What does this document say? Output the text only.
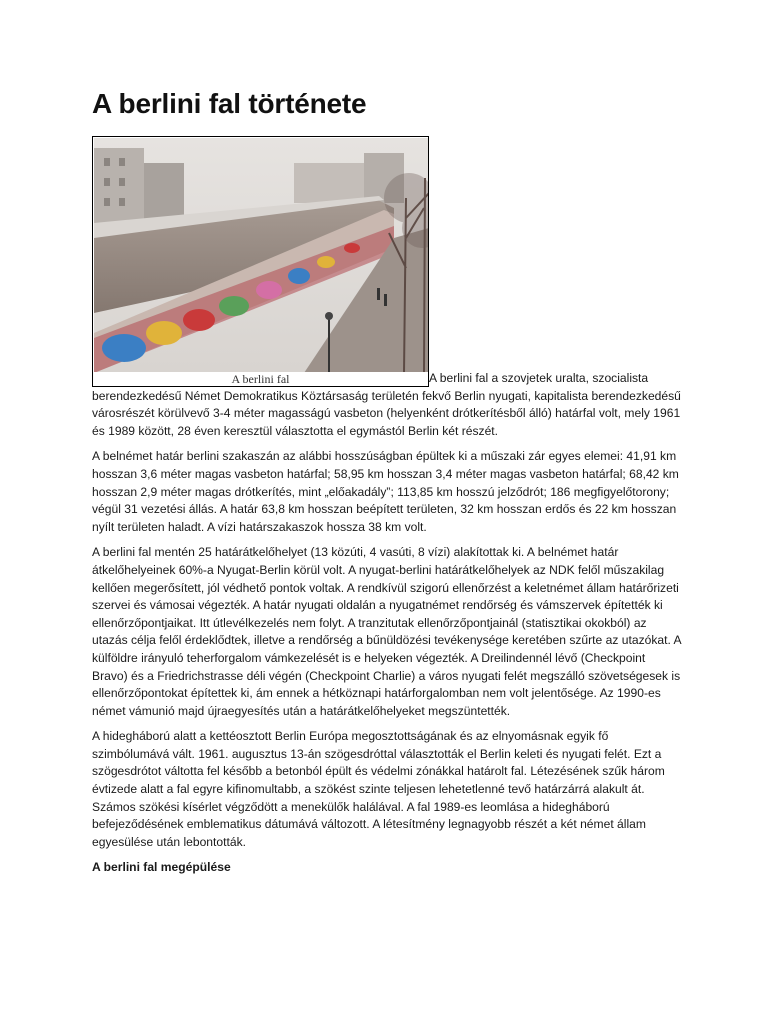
A berlini fal története
A berlini fal	A berlini fal a szovjetek uralta, szocialista berendezkedésű Német Demokratikus Köztársaság területén fekvő Berlin nyugati, kapitalista berendezkedésű városrészét körülvevő 3-4 méter magasságú vasbeton (helyenként drótkerítésből álló) határfal volt, mely 1961 és 1989 között, 28 éven keresztül választotta el egymástól Berlin két részét.

A belnémet határ berlini szakaszán az alábbi hosszúságban épültek ki a műszaki zár egyes elemei: 41,91 km hosszan 3,6 méter magas vasbeton határfal; 58,95 km hosszan 3,4 méter magas vasbeton határfal; 68,42 km hosszan 2,9 méter magas drótkerítés, mint „előakadály”; 113,85 km hosszú jelződrót; 186 megfigyelőtorony; végül 31 vezetési állás. A határ 63,8 km hosszan beépített területen, 32 km hosszan erdős és 22 km hosszan nyílt területen haladt. A vízi határszakaszok hossza 38 km volt.

A berlini fal mentén 25 határátkelőhelyet (13 közúti, 4 vasúti, 8 vízi) alakítottak ki. A belnémet határ átkelőhelyeinek 60%-a Nyugat-Berlin körül volt. A nyugat-berlini határátkelőhelyek az NDK felől műszakilag kellően megerősített, jól védhető pontok voltak. A rendkívül szigorú ellenőrzést a keletnémet állam határőrizeti szervei és vámosai végezték. A határ nyugati oldalán a nyugatnémet rendőrség és vámszervek építették ki ellenőrzőpontjaikat. Itt útlevélkezelés nem folyt. A tranzitutak ellenőrzőpontjainál (statisztikai okokból) az utazás célja felől érdeklődtek, illetve a rendőrség a bűnüldözési tevékenysége keretében szűrte az utazókat. A külföldre irányuló teherforgalom vámkezelését is e helyeken végezték. A Dreilindennél lévő (Checkpoint Bravo) és a Friedrichstrasse déli végén (Checkpoint Charlie) a város nyugati felét megszálló szövetségesek is ellenőrzőpontokat építettek ki, ám ennek a hétköznapi határforgalomban nem volt jelentősége. Az 1990-es német vámunió majd újraegyesítés után a határátkelőhelyeket megszüntették.

A hidegháború alatt a kettéosztott Berlin Európa megosztottságának és az elnyomásnak egyik fő szimbólumává vált. 1961. augusztus 13-án szögesdróttal választották el Berlin keleti és nyugati felét. Ezt a szögesdrótot váltotta fel később a betonból épült és védelmi zónákkal határolt fal. Létezésének szűk három évtizede alatt a fal egyre kifinomultabb, a szökést szinte teljesen lehetetlenné tevő határzárrá alakult át. Számos szökési kísérlet végződött a menekülők halálával. A fal 1989-es leomlása a hidegháború befejeződésének emblematikus dátumává változott. A létesítmény legnagyobb részét a két német állam egyesülése után lebontották.

A berlini fal megépülése
